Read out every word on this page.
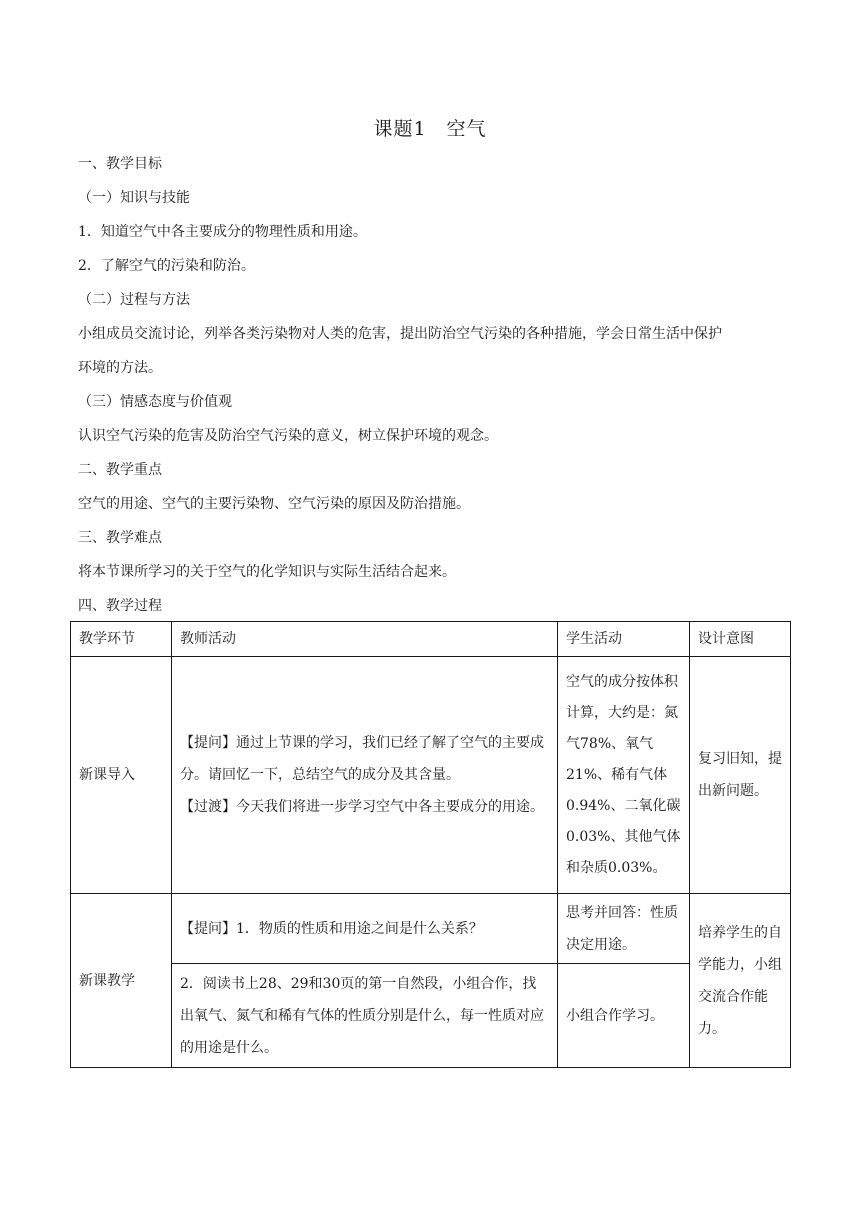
课题1　空气
一、教学目标
（一）知识与技能
1．知道空气中各主要成分的物理性质和用途。
2．了解空气的污染和防治。
（二）过程与方法
小组成员交流讨论，列举各类污染物对人类的危害，提出防治空气污染的各种措施，学会日常生活中保护
环境的方法。
（三）情感态度与价值观
认识空气污染的危害及防治空气污染的意义，树立保护环境的观念。
二、教学重点
空气的用途、空气的主要污染物、空气污染的原因及防治措施。
三、教学难点
将本节课所学习的关于空气的化学知识与实际生活结合起来。
四、教学过程
教学环节	教师活动	学生活动	设计意图
新课导入	【提问】通过上节课的学习，我们已经了解了空气的主要成分。请回忆一下，总结空气的成分及其含量。
【过渡】今天我们将进一步学习空气中各主要成分的用途。	空气的成分按体积计算，大约是：氮气78%、氧气21%、稀有气体0.94%、二氧化碳0.03%、其他气体和杂质0.03%。	复习旧知，提出新问题。
新课教学	【提问】1．物质的性质和用途之间是什么关系？	思考并回答：性质决定用途。	培养学生的自学能力，小组交流合作能力。
	2．阅读书上28、29和30页的第一自然段，小组合作，找出氧气、氮气和稀有气体的性质分别是什么，每一性质对应的用途是什么。	小组合作学习。	
